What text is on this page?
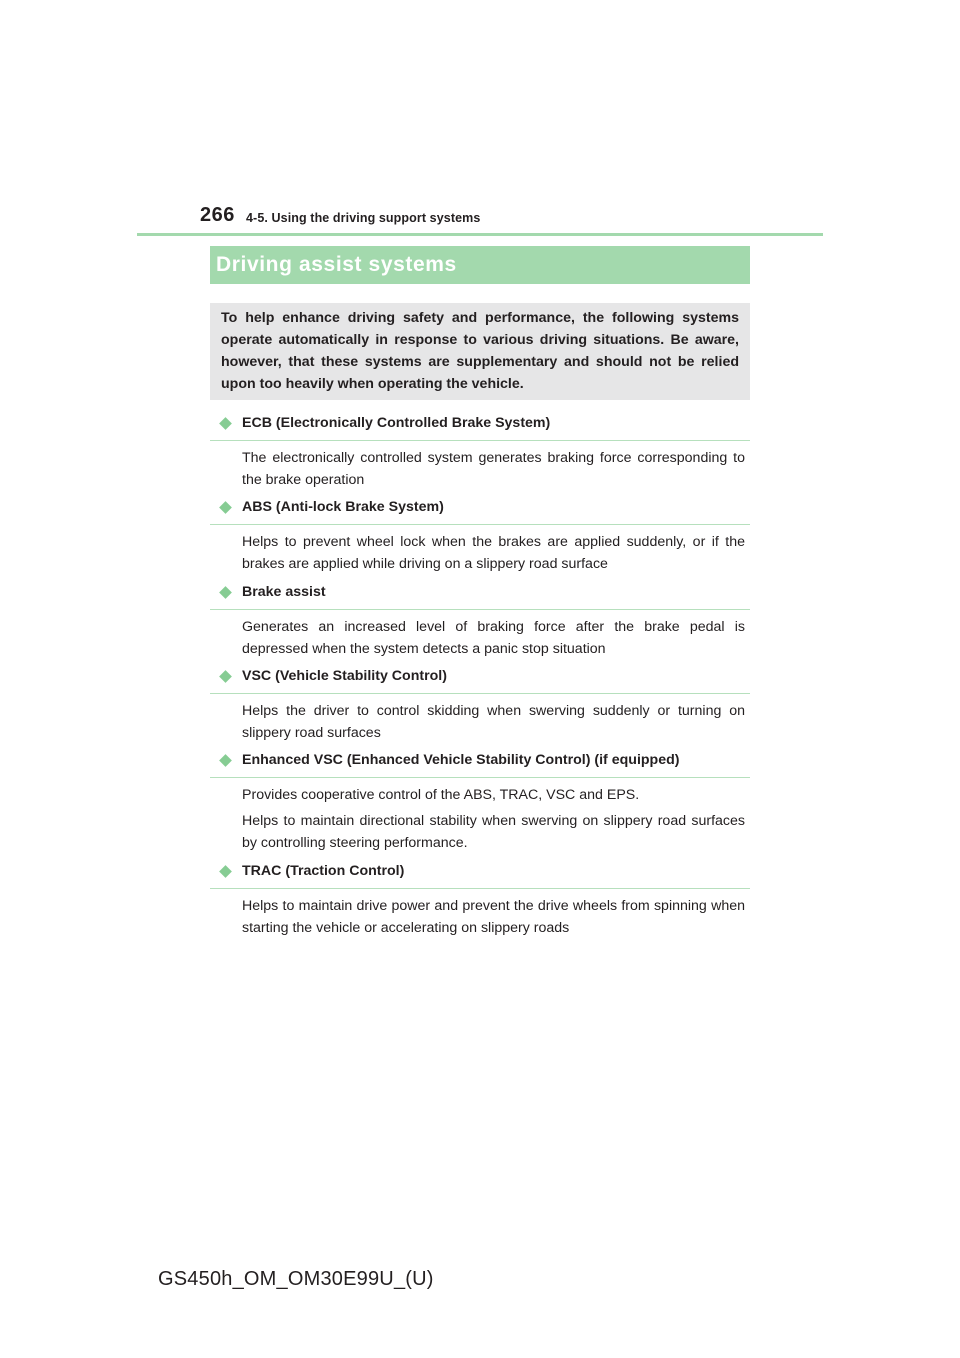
266 4-5. Using the driving support systems
Driving assist systems

To help enhance driving safety and performance, the following systems operate automatically in response to various driving situations. Be aware, however, that these systems are supplementary and should not be relied upon too heavily when operating the vehicle.

ECB (Electronically Controlled Brake System)

The electronically controlled system generates braking force corresponding to the brake operation

ABS (Anti-lock Brake System)

Helps to prevent wheel lock when the brakes are applied suddenly, or if the brakes are applied while driving on a slippery road surface

Brake assist

Generates an increased level of braking force after the brake pedal is depressed when the system detects a panic stop situation

VSC (Vehicle Stability Control)

Helps the driver to control skidding when swerving suddenly or turning on slippery road surfaces

Enhanced VSC (Enhanced Vehicle Stability Control) (if equipped)

Provides cooperative control of the ABS, TRAC, VSC and EPS.

Helps to maintain directional stability when swerving on slippery road surfaces by controlling steering performance.

TRAC (Traction Control)

Helps to maintain drive power and prevent the drive wheels from spinning when starting the vehicle or accelerating on slippery roads

GS450h_OM_OM30E99U_(U)
